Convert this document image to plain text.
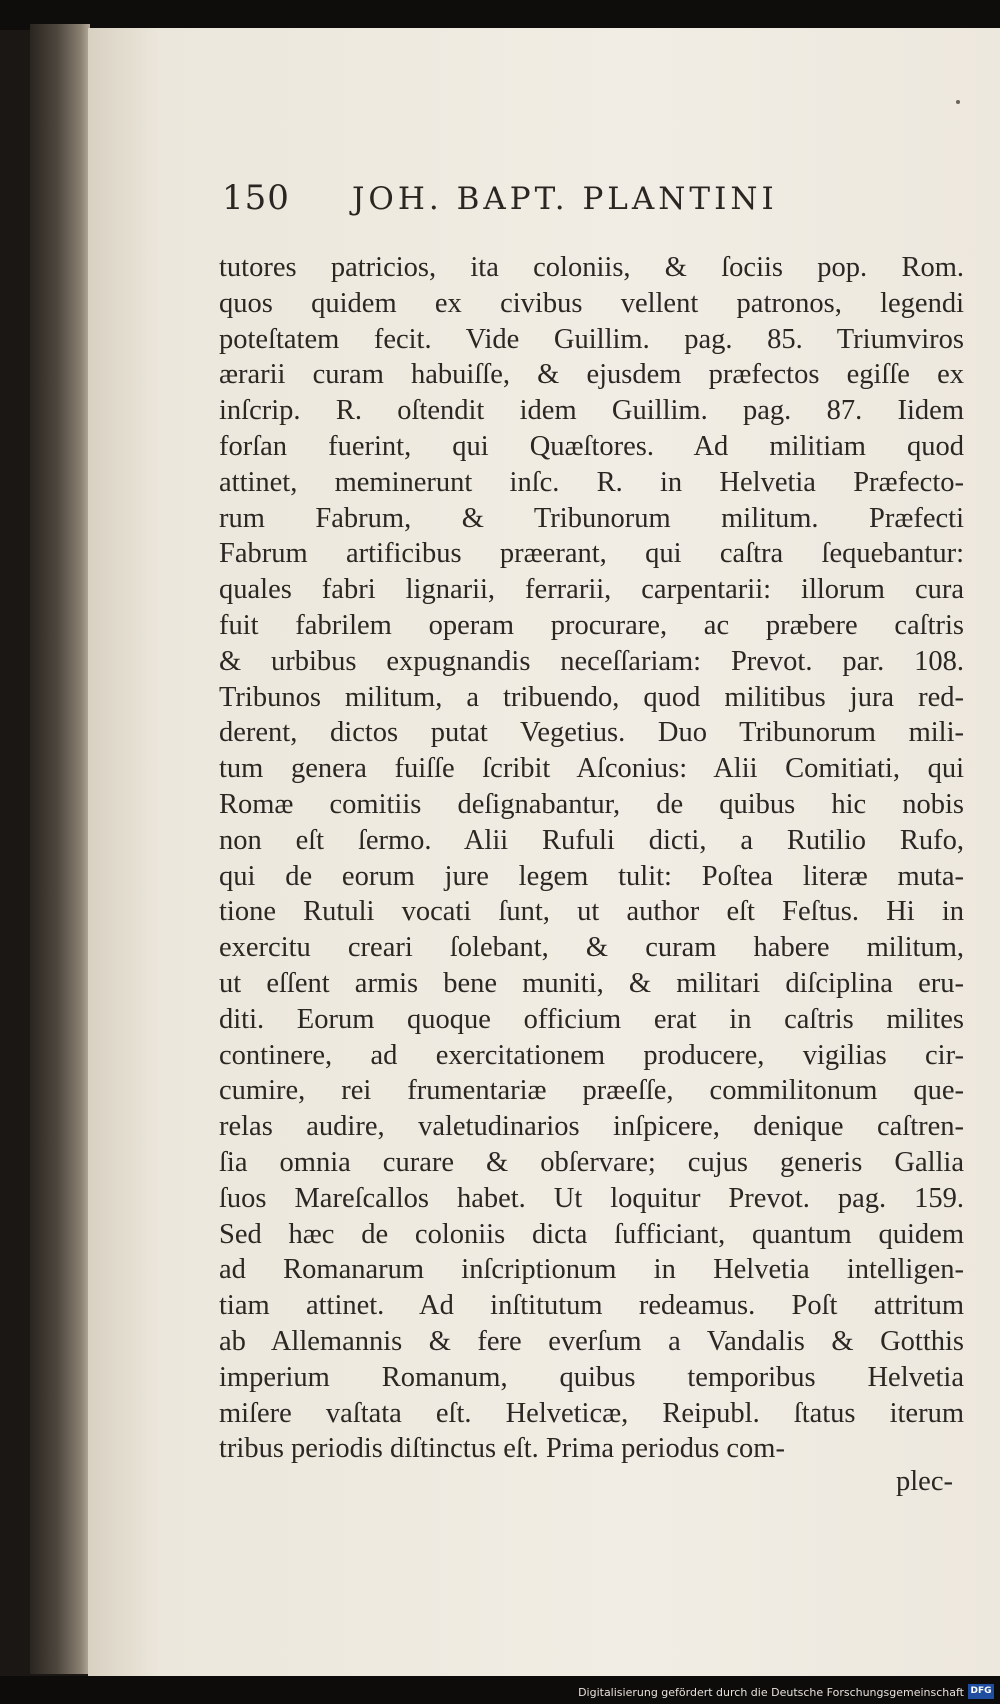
150	JOH. BAPT. PLANTINI
tutores patricios, ita coloniis, & ſociis pop. Rom.
quos quidem ex civibus vellent patronos, legendi
poteſtatem fecit. Vide Guillim. pag. 85. Triumviros
ærarii curam habuiſſe, & ejusdem præfectos egiſſe ex
inſcrip. R. oſtendit idem Guillim. pag. 87. Iidem
forſan fuerint, qui Quæſtores. Ad militiam quod
attinet, meminerunt inſc. R. in Helvetia Præfecto-
rum Fabrum, & Tribunorum militum. Præfecti
Fabrum artificibus præerant, qui caſtra ſequebantur:
quales fabri lignarii, ferrarii, carpentarii: illorum cura
fuit fabrilem operam procurare, ac præbere caſtris
& urbibus expugnandis neceſſariam: Prevot. par. 108.
Tribunos militum, a tribuendo, quod militibus jura red-
derent, dictos putat Vegetius. Duo Tribunorum mili-
tum genera fuiſſe ſcribit Aſconius: Alii Comitiati, qui
Romæ comitiis deſignabantur, de quibus hic nobis
non eſt ſermo. Alii Rufuli dicti, a Rutilio Rufo,
qui de eorum jure legem tulit: Poſtea literæ muta-
tione Rutuli vocati ſunt, ut author eſt Feſtus. Hi in
exercitu creari ſolebant, & curam habere militum,
ut eſſent armis bene muniti, & militari diſciplina eru-
diti. Eorum quoque officium erat in caſtris milites
continere, ad exercitationem producere, vigilias cir-
cumire, rei frumentariæ præeſſe, commilitonum que-
relas audire, valetudinarios inſpicere, denique caſtren-
ſia omnia curare & obſervare; cujus generis Gallia
ſuos Mareſcallos habet. Ut loquitur Prevot. pag. 159.
Sed hæc de coloniis dicta ſufficiant, quantum quidem
ad Romanarum inſcriptionum in Helvetia intelligen-
tiam attinet. Ad inſtitutum redeamus. Poſt attritum
ab Allemannis & fere everſum a Vandalis & Gotthis
imperium Romanum, quibus temporibus Helvetia
miſere vaſtata eſt. Helveticæ, Reipubl. ſtatus iterum
tribus periodis diſtinctus eſt. Prima periodus com-
plec-
Digitalisierung gefördert durch die Deutsche Forschungsgemeinschaft DFG
